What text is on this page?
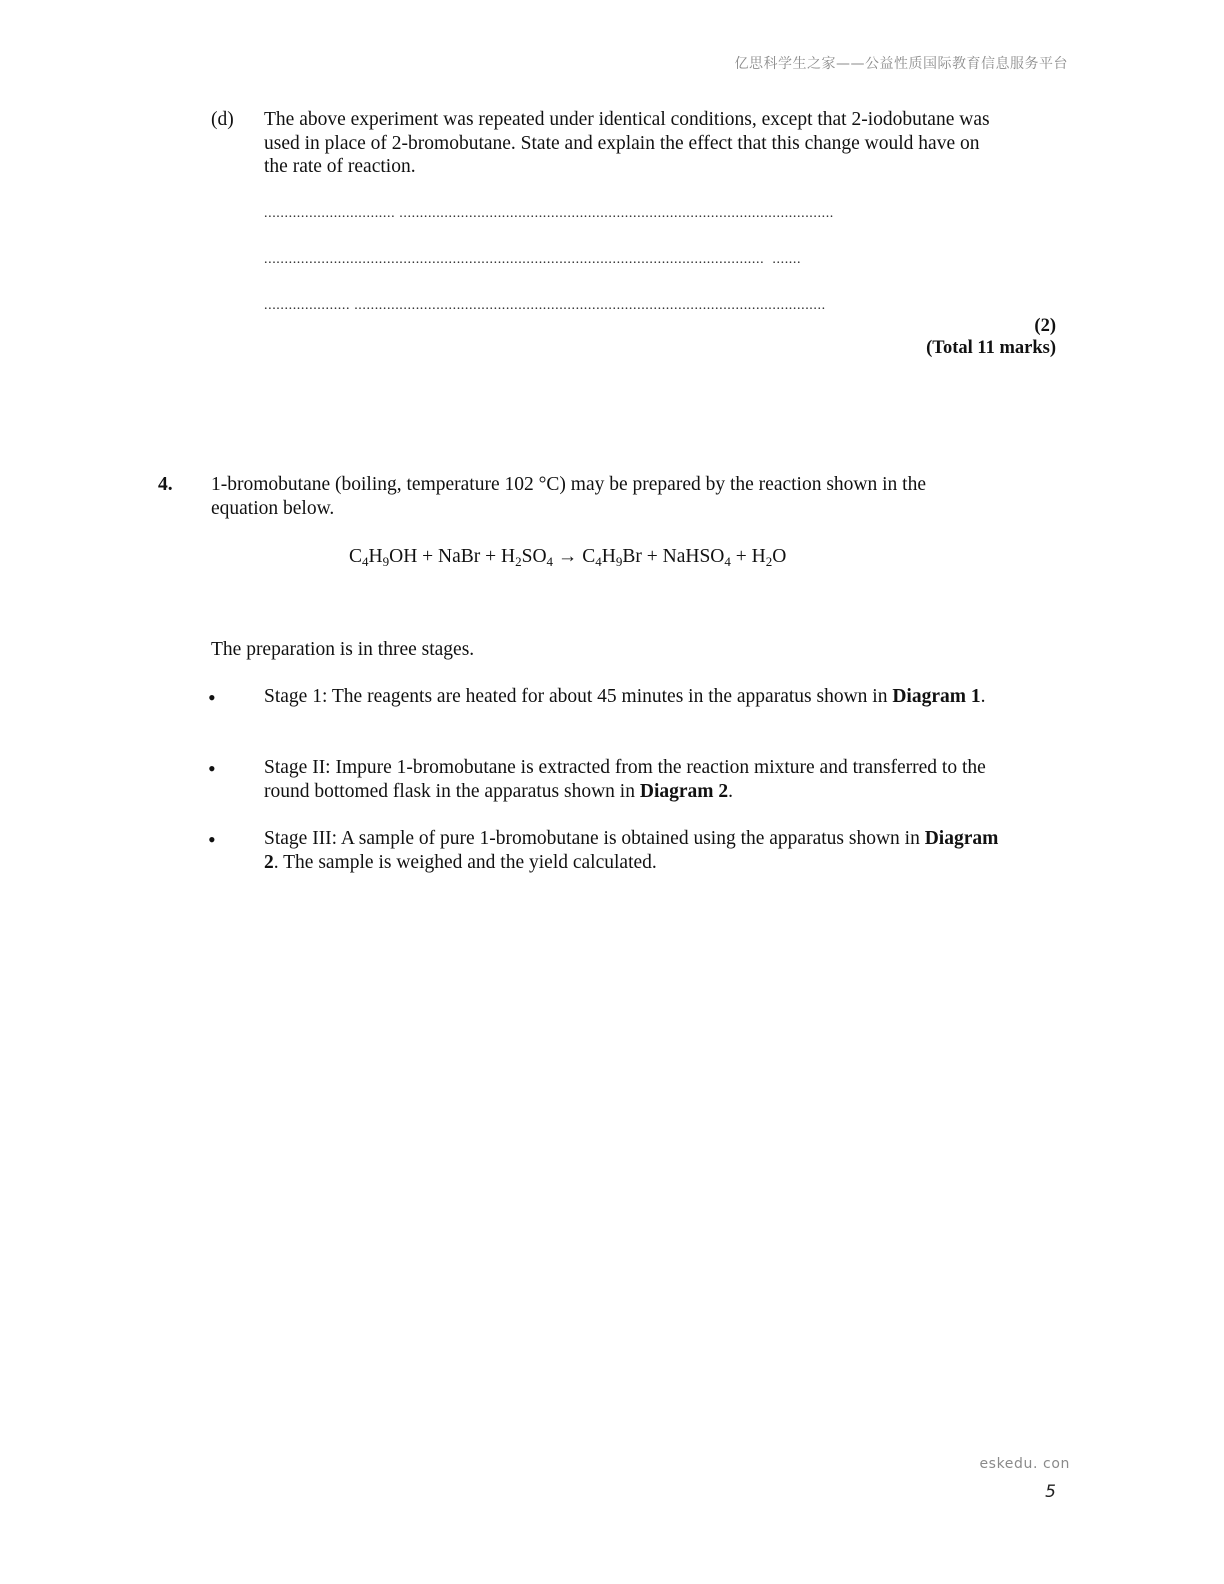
亿思科学生之家——公益性质国际教育信息服务平台
(d) The above experiment was repeated under identical conditions, except that 2-iodobutane was used in place of 2-bromobutane. State and explain the effect that this change would have on the rate of reaction.
................................ ..........................................................................................................
..........................................................................................................................  .......
..................... ...................................................................................................................
(2)
(Total 11 marks)
4. 1-bromobutane (boiling, temperature 102 °C) may be prepared by the reaction shown in the equation below.
$C_4H_9OH$ + NaBr + $H_2SO_4 \to C_4H_9Br$ + NaHSO$_4$ + $H_2O$
The preparation is in three stages.
• Stage 1: The reagents are heated for about 45 minutes in the apparatus shown in Diagram 1.
• Stage II: Impure 1-bromobutane is extracted from the reaction mixture and transferred to the round bottomed flask in the apparatus shown in Diagram 2.
• Stage III: A sample of pure 1-bromobutane is obtained using the apparatus shown in Diagram 2. The sample is weighed and the yield calculated.
eskedu. con
5
